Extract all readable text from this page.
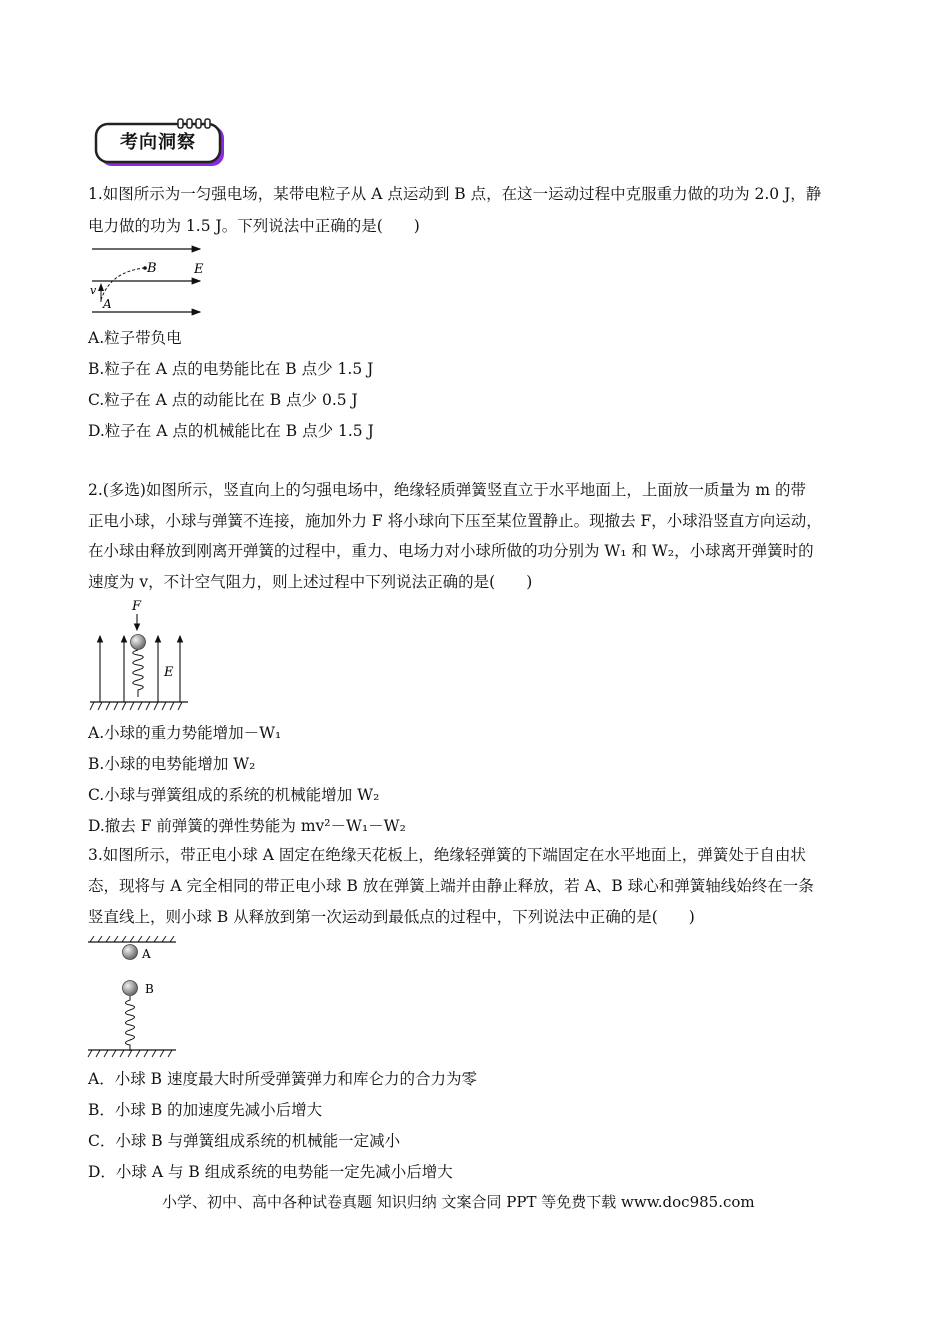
考向洞察
1.如图所示为一匀强电场，某带电粒子从 A 点运动到 B 点，在这一运动过程中克服重力做的功为 2.0 J，静
电力做的功为 1.5 J。下列说法中正确的是(　　)
B	E
v
A
A.粒子带负电
B.粒子在 A 点的电势能比在 B 点少 1.5 J
C.粒子在 A 点的动能比在 B 点少 0.5 J
D.粒子在 A 点的机械能比在 B 点少 1.5 J
2.(多选)如图所示，竖直向上的匀强电场中，绝缘轻质弹簧竖直立于水平地面上，上面放一质量为 m 的带
正电小球，小球与弹簧不连接，施加外力 F 将小球向下压至某位置静止。现撤去 F，小球沿竖直方向运动，
在小球由释放到刚离开弹簧的过程中，重力、电场力对小球所做的功分别为 W₁ 和 W₂，小球离开弹簧时的
速度为 v，不计空气阻力，则上述过程中下列说法正确的是(　　)
F
E
A.小球的重力势能增加－W₁
B.小球的电势能增加 W₂
C.小球与弹簧组成的系统的机械能增加 W₂
D.撤去 F 前弹簧的弹性势能为 mv²－W₁－W₂
3.如图所示，带正电小球 A 固定在绝缘天花板上，绝缘轻弹簧的下端固定在水平地面上，弹簧处于自由状
态，现将与 A 完全相同的带正电小球 B 放在弹簧上端并由静止释放，若 A、B 球心和弹簧轴线始终在一条
竖直线上，则小球 B 从释放到第一次运动到最低点的过程中，下列说法中正确的是(　　)
A
B
A．小球 B 速度最大时所受弹簧弹力和库仑力的合力为零
B．小球 B 的加速度先减小后增大
C．小球 B 与弹簧组成系统的机械能一定减小
D．小球 A 与 B 组成系统的电势能一定先减小后增大
小学、初中、高中各种试卷真题 知识归纳 文案合同 PPT 等免费下载 www.doc985.com
